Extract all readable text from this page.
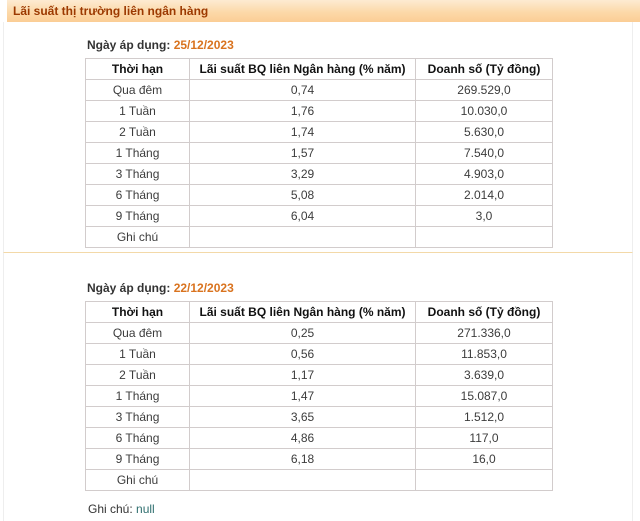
Lãi suất thị trường liên ngân hàng
Ngày áp dụng: 25/12/2023
Thời hạn	Lãi suất BQ liên Ngân hàng (% năm)	Doanh số (Tỷ đồng)
Qua đêm	0,74	269.529,0
1 Tuần	1,76	10.030,0
2 Tuần	1,74	5.630,0
1 Tháng	1,57	7.540,0
3 Tháng	3,29	4.903,0
6 Tháng	5,08	2.014,0
9 Tháng	6,04	3,0
Ghi chú		
Ngày áp dụng: 22/12/2023
Thời hạn	Lãi suất BQ liên Ngân hàng (% năm)	Doanh số (Tỷ đồng)
Qua đêm	0,25	271.336,0
1 Tuần	0,56	11.853,0
2 Tuần	1,17	3.639,0
1 Tháng	1,47	15.087,0
3 Tháng	3,65	1.512,0
6 Tháng	4,86	117,0
9 Tháng	6,18	16,0
Ghi chú		
Ghi chú: null
